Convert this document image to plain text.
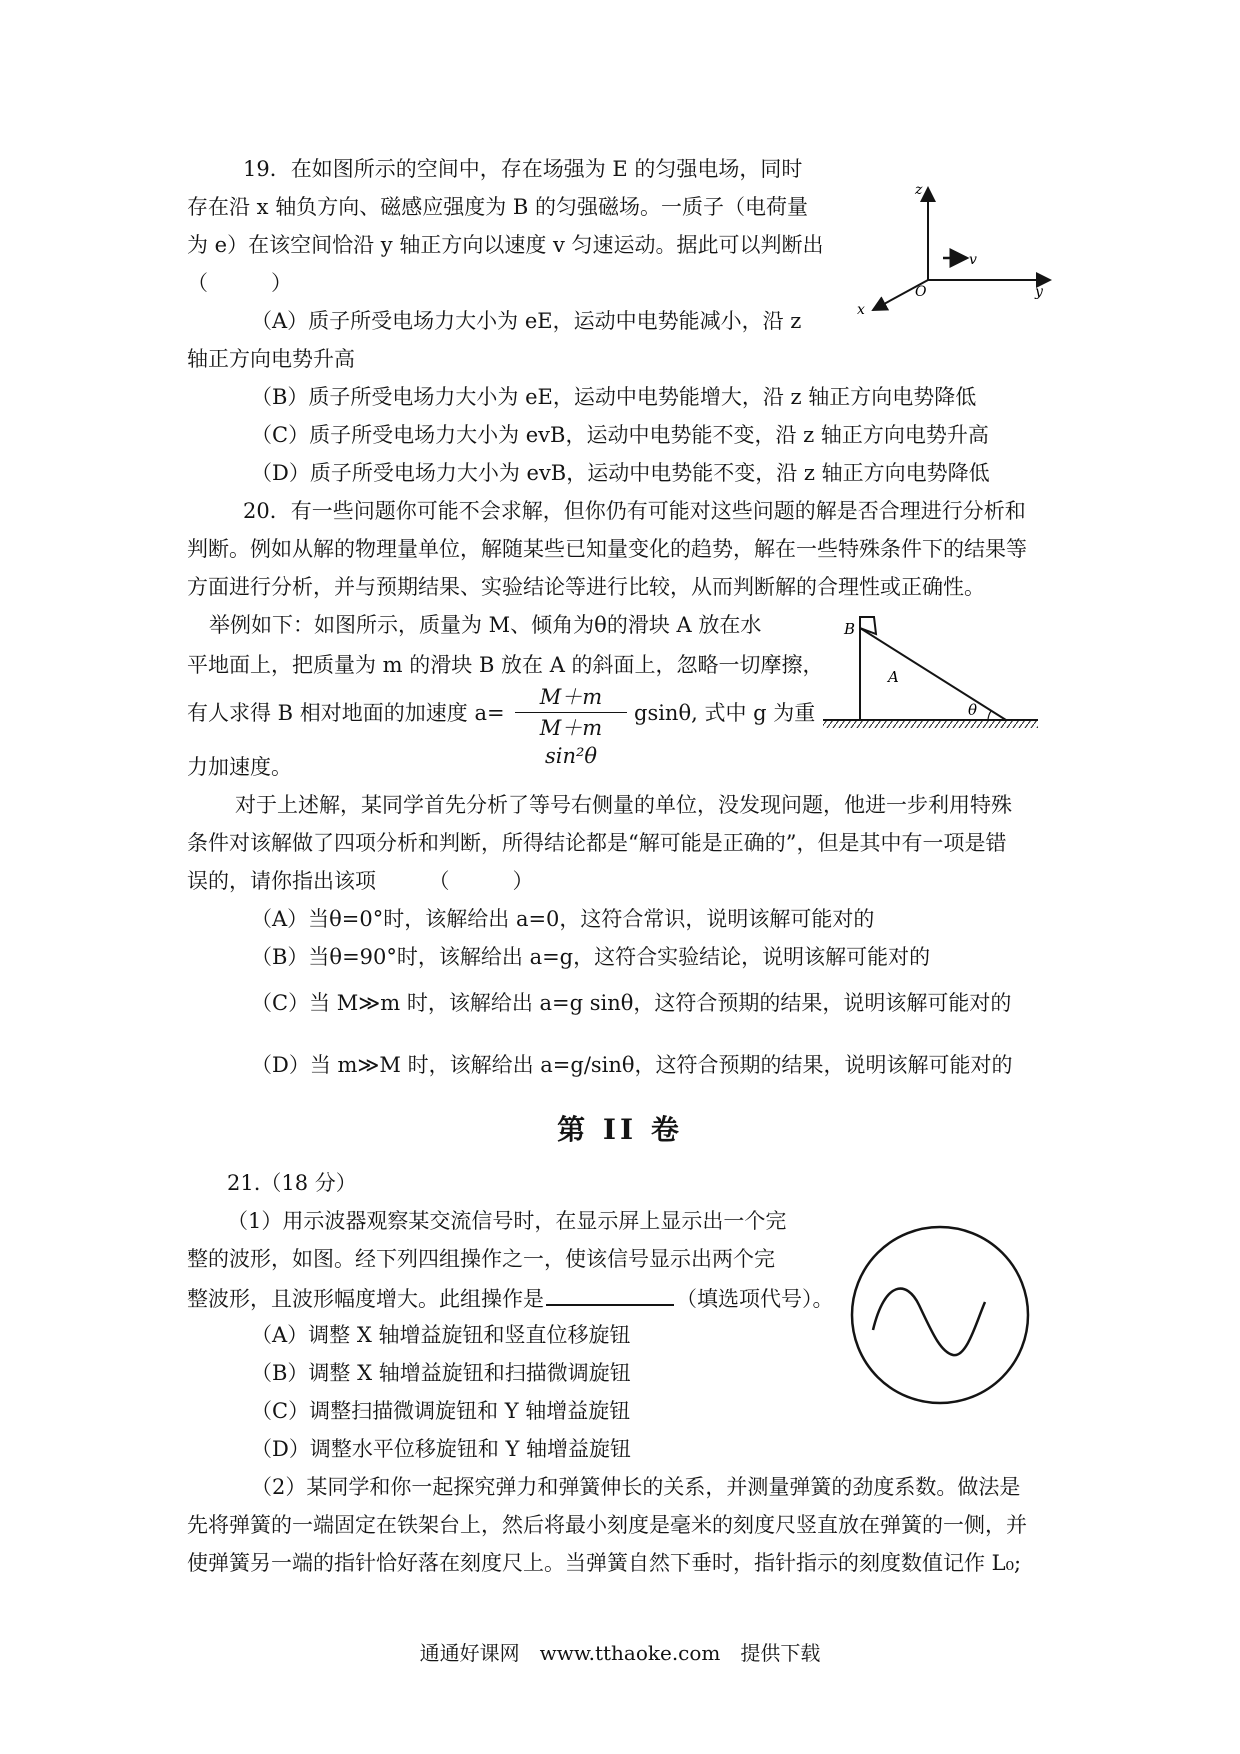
19．在如图所示的空间中，存在场强为 E 的匀强电场，同时
存在沿 x 轴负方向、磁感应强度为 B 的匀强磁场。一质子（电荷量
为 e）在该空间恰沿 y 轴正方向以速度 v 匀速运动。据此可以判断出
（　　　）
（A）质子所受电场力大小为 eE，运动中电势能减小，沿 z
轴正方向电势升高
（B）质子所受电场力大小为 eE，运动中电势能增大，沿 z 轴正方向电势降低
（C）质子所受电场力大小为 evB，运动中电势能不变，沿 z 轴正方向电势升高
（D）质子所受电场力大小为 evB，运动中电势能不变，沿 z 轴正方向电势降低
z
y
x
O
v
20．有一些问题你可能不会求解，但你仍有可能对这些问题的解是否合理进行分析和
判断。例如从解的物理量单位，解随某些已知量变化的趋势，解在一些特殊条件下的结果等
方面进行分析，并与预期结果、实验结论等进行比较，从而判断解的合理性或正确性。
举例如下：如图所示，质量为 M、倾角为θ的滑块 A 放在水
平地面上，把质量为 m 的滑块 B 放在 A 的斜面上，忽略一切摩擦，
有人求得 B 相对地面的加速度 $a= \frac{M+m}{\text{M＋m sin²θ}} gsin\theta$, 式中 g 为重
力加速度。
对于上述解，某同学首先分析了等号右侧量的单位，没发现问题，他进一步利用特殊
条件对该解做了四项分析和判断，所得结论都是“解可能是正确的”，但是其中有一项是错
误的，请你指出该项　　　（　　　）
（A）当θ=0°时，该解给出 a=0，这符合常识，说明该解可能对的
（B）当θ=90°时，该解给出 a=g，这符合实验结论，说明该解可能对的
（C）当 M≫m 时，该解给出 a=g sinθ，这符合预期的结果，说明该解可能对的
（D）当 m≫M 时，该解给出 a=g/sinθ，这符合预期的结果，说明该解可能对的
B
A
θ
第 II 卷
21.（18 分）
（1）用示波器观察某交流信号时，在显示屏上显示出一个完
整的波形，如图。经下列四组操作之一，使该信号显示出两个完
整波形，且波形幅度增大。此组操作是	（填选项代号）。
（A）调整 X 轴增益旋钮和竖直位移旋钮
（B）调整 X 轴增益旋钮和扫描微调旋钮
（C）调整扫描微调旋钮和 Y 轴增益旋钮
（D）调整水平位移旋钮和 Y 轴增益旋钮
（2）某同学和你一起探究弹力和弹簧伸长的关系，并测量弹簧的劲度系数。做法是
先将弹簧的一端固定在铁架台上，然后将最小刻度是毫米的刻度尺竖直放在弹簧的一侧，并
使弹簧另一端的指针恰好落在刻度尺上。当弹簧自然下垂时，指针指示的刻度数值记作 L₀;
通通好课网　www.tthaoke.com　提供下载
